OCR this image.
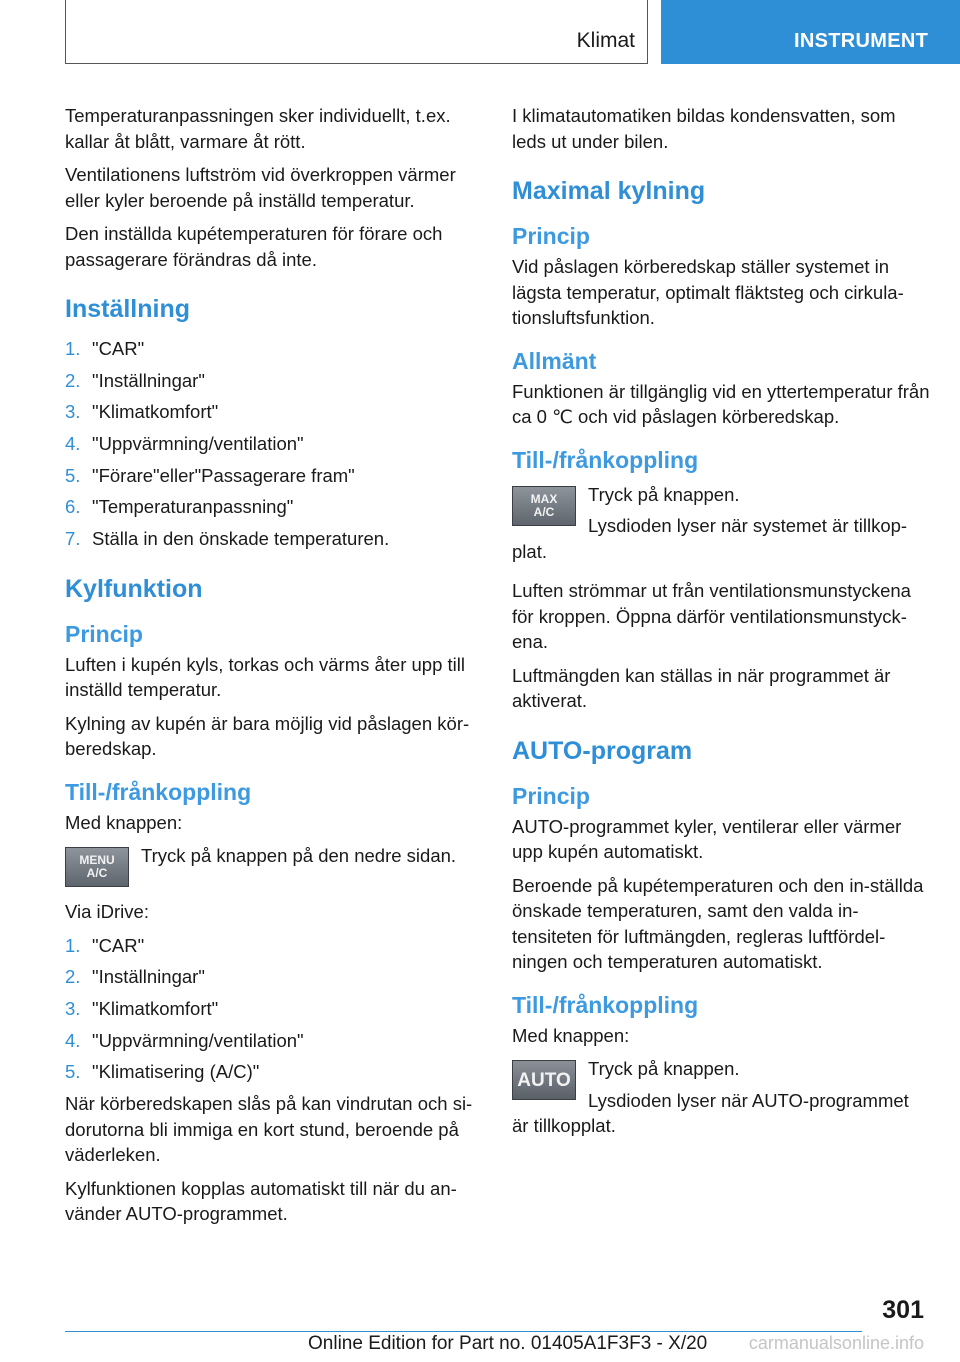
Klimat	INSTRUMENT

Temperaturanpassningen sker individuellt, t.ex. kallar åt blått, varmare åt rött.

Ventilationens luftström vid överkroppen värmer eller kyler beroende på inställd temperatur.

Den inställda kupétemperaturen för förare och passagerare förändras då inte.

Inställning
1. "CAR"
2. "Inställningar"
3. "Klimatkomfort"
4. "Uppvärmning/ventilation"
5. "Förare"eller"Passagerare fram"
6. "Temperaturanpassning"
7. Ställa in den önskade temperaturen.
Kylfunktion
Princip

Luften i kupén kyls, torkas och värms åter upp till inställd temperatur.

Kylning av kupén är bara möjlig vid påslagen kör-beredskap.

Till-/frånkoppling

Med knappen:

MENU
A/C

Tryck på knappen på den nedre sidan.

Via iDrive:

1. "CAR"
2. "Inställningar"
3. "Klimatkomfort"
4. "Uppvärmning/ventilation"
5. "Klimatisering (A/C)"

När körberedskapen slås på kan vindrutan och si-dorutorna bli immiga en kort stund, beroende på väderleken.

Kylfunktionen kopplas automatiskt till när du an-vänder AUTO-programmet.

I klimatautomatiken bildas kondensvatten, som leds ut under bilen.

Maximal kylning
Princip

Vid påslagen körberedskap ställer systemet in lägsta temperatur, optimalt fläktsteg och cirkula-tionsluftsfunktion.

Allmänt

Funktionen är tillgänglig vid en yttertemperatur från ca 0 ℃ och vid påslagen körberedskap.

Till-/frånkoppling
MAX
A/C

Tryck på knappen.

Lysdioden lyser när systemet är tillkop-plat.

Luften strömmar ut från ventilationsmunstyckena för kroppen. Öppna därför ventilationsmunstyck-ena.

Luftmängden kan ställas in när programmet är aktiverat.

AUTO-program
Princip

AUTO-programmet kyler, ventilerar eller värmer upp kupén automatiskt.

Beroende på kupétemperaturen och den in-ställda önskade temperaturen, samt den valda in-tensiteten för luftmängden, regleras luftfördel-ningen och temperaturen automatiskt.

Till-/frånkoppling

Med knappen:

AUTO

Tryck på knappen.

Lysdioden lyser när AUTO-programmet är tillkopplat.

301
Online Edition for Part no. 01405A1F3F3 - X/20 carmanualsonline.info
